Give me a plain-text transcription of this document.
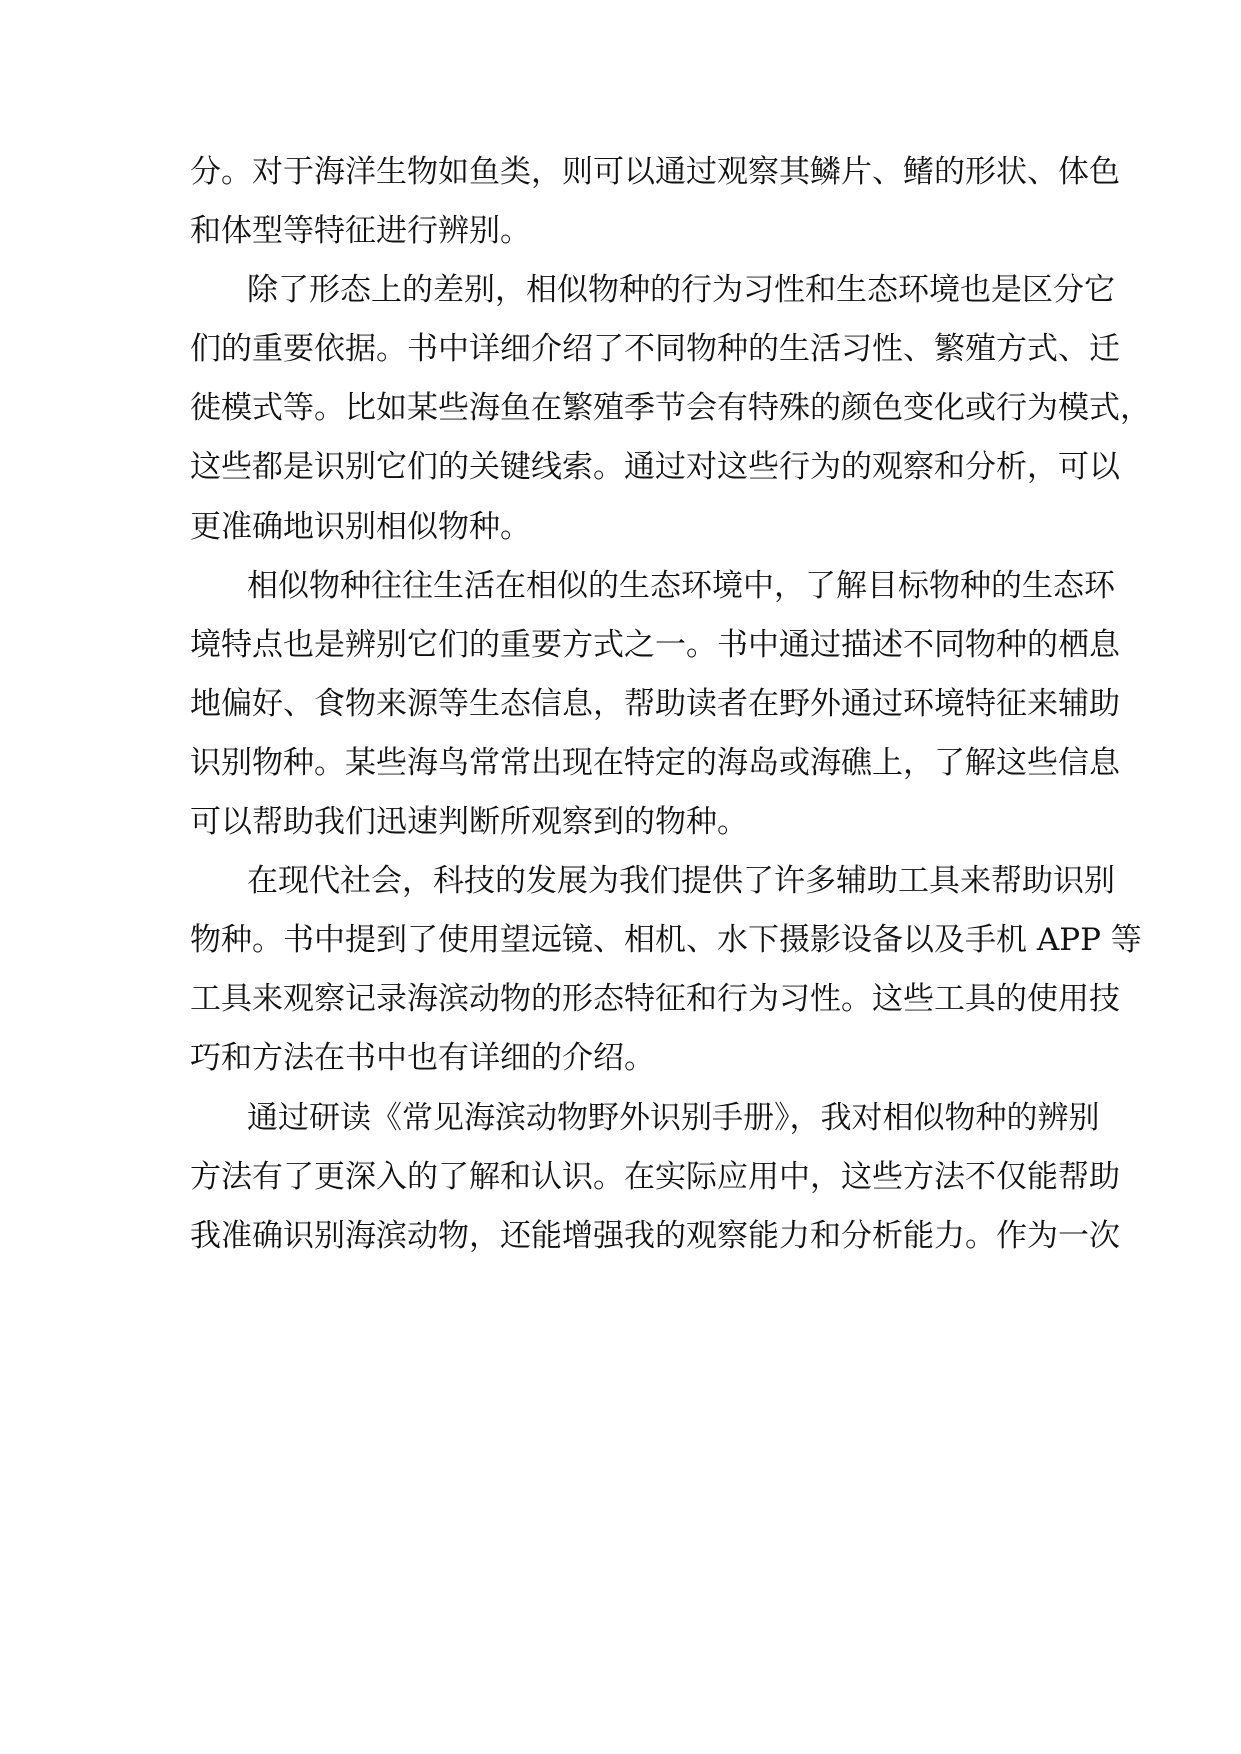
分。对于海洋生物如鱼类，则可以通过观察其鳞片、鳍的形状、体色
和体型等特征进行辨别。
除了形态上的差别，相似物种的行为习性和生态环境也是区分它
们的重要依据。书中详细介绍了不同物种的生活习性、繁殖方式、迁
徙模式等。比如某些海鱼在繁殖季节会有特殊的颜色变化或行为模式，
这些都是识别它们的关键线索。通过对这些行为的观察和分析，可以
更准确地识别相似物种。
相似物种往往生活在相似的生态环境中，了解目标物种的生态环
境特点也是辨别它们的重要方式之一。书中通过描述不同物种的栖息
地偏好、食物来源等生态信息，帮助读者在野外通过环境特征来辅助
识别物种。某些海鸟常常出现在特定的海岛或海礁上，了解这些信息
可以帮助我们迅速判断所观察到的物种。
在现代社会，科技的发展为我们提供了许多辅助工具来帮助识别
物种。书中提到了使用望远镜、相机、水下摄影设备以及手机 APP 等
工具来观察记录海滨动物的形态特征和行为习性。这些工具的使用技
巧和方法在书中也有详细的介绍。
通过研读《常见海滨动物野外识别手册》，我对相似物种的辨别
方法有了更深入的了解和认识。在实际应用中，这些方法不仅能帮助
我准确识别海滨动物，还能增强我的观察能力和分析能力。作为一次
